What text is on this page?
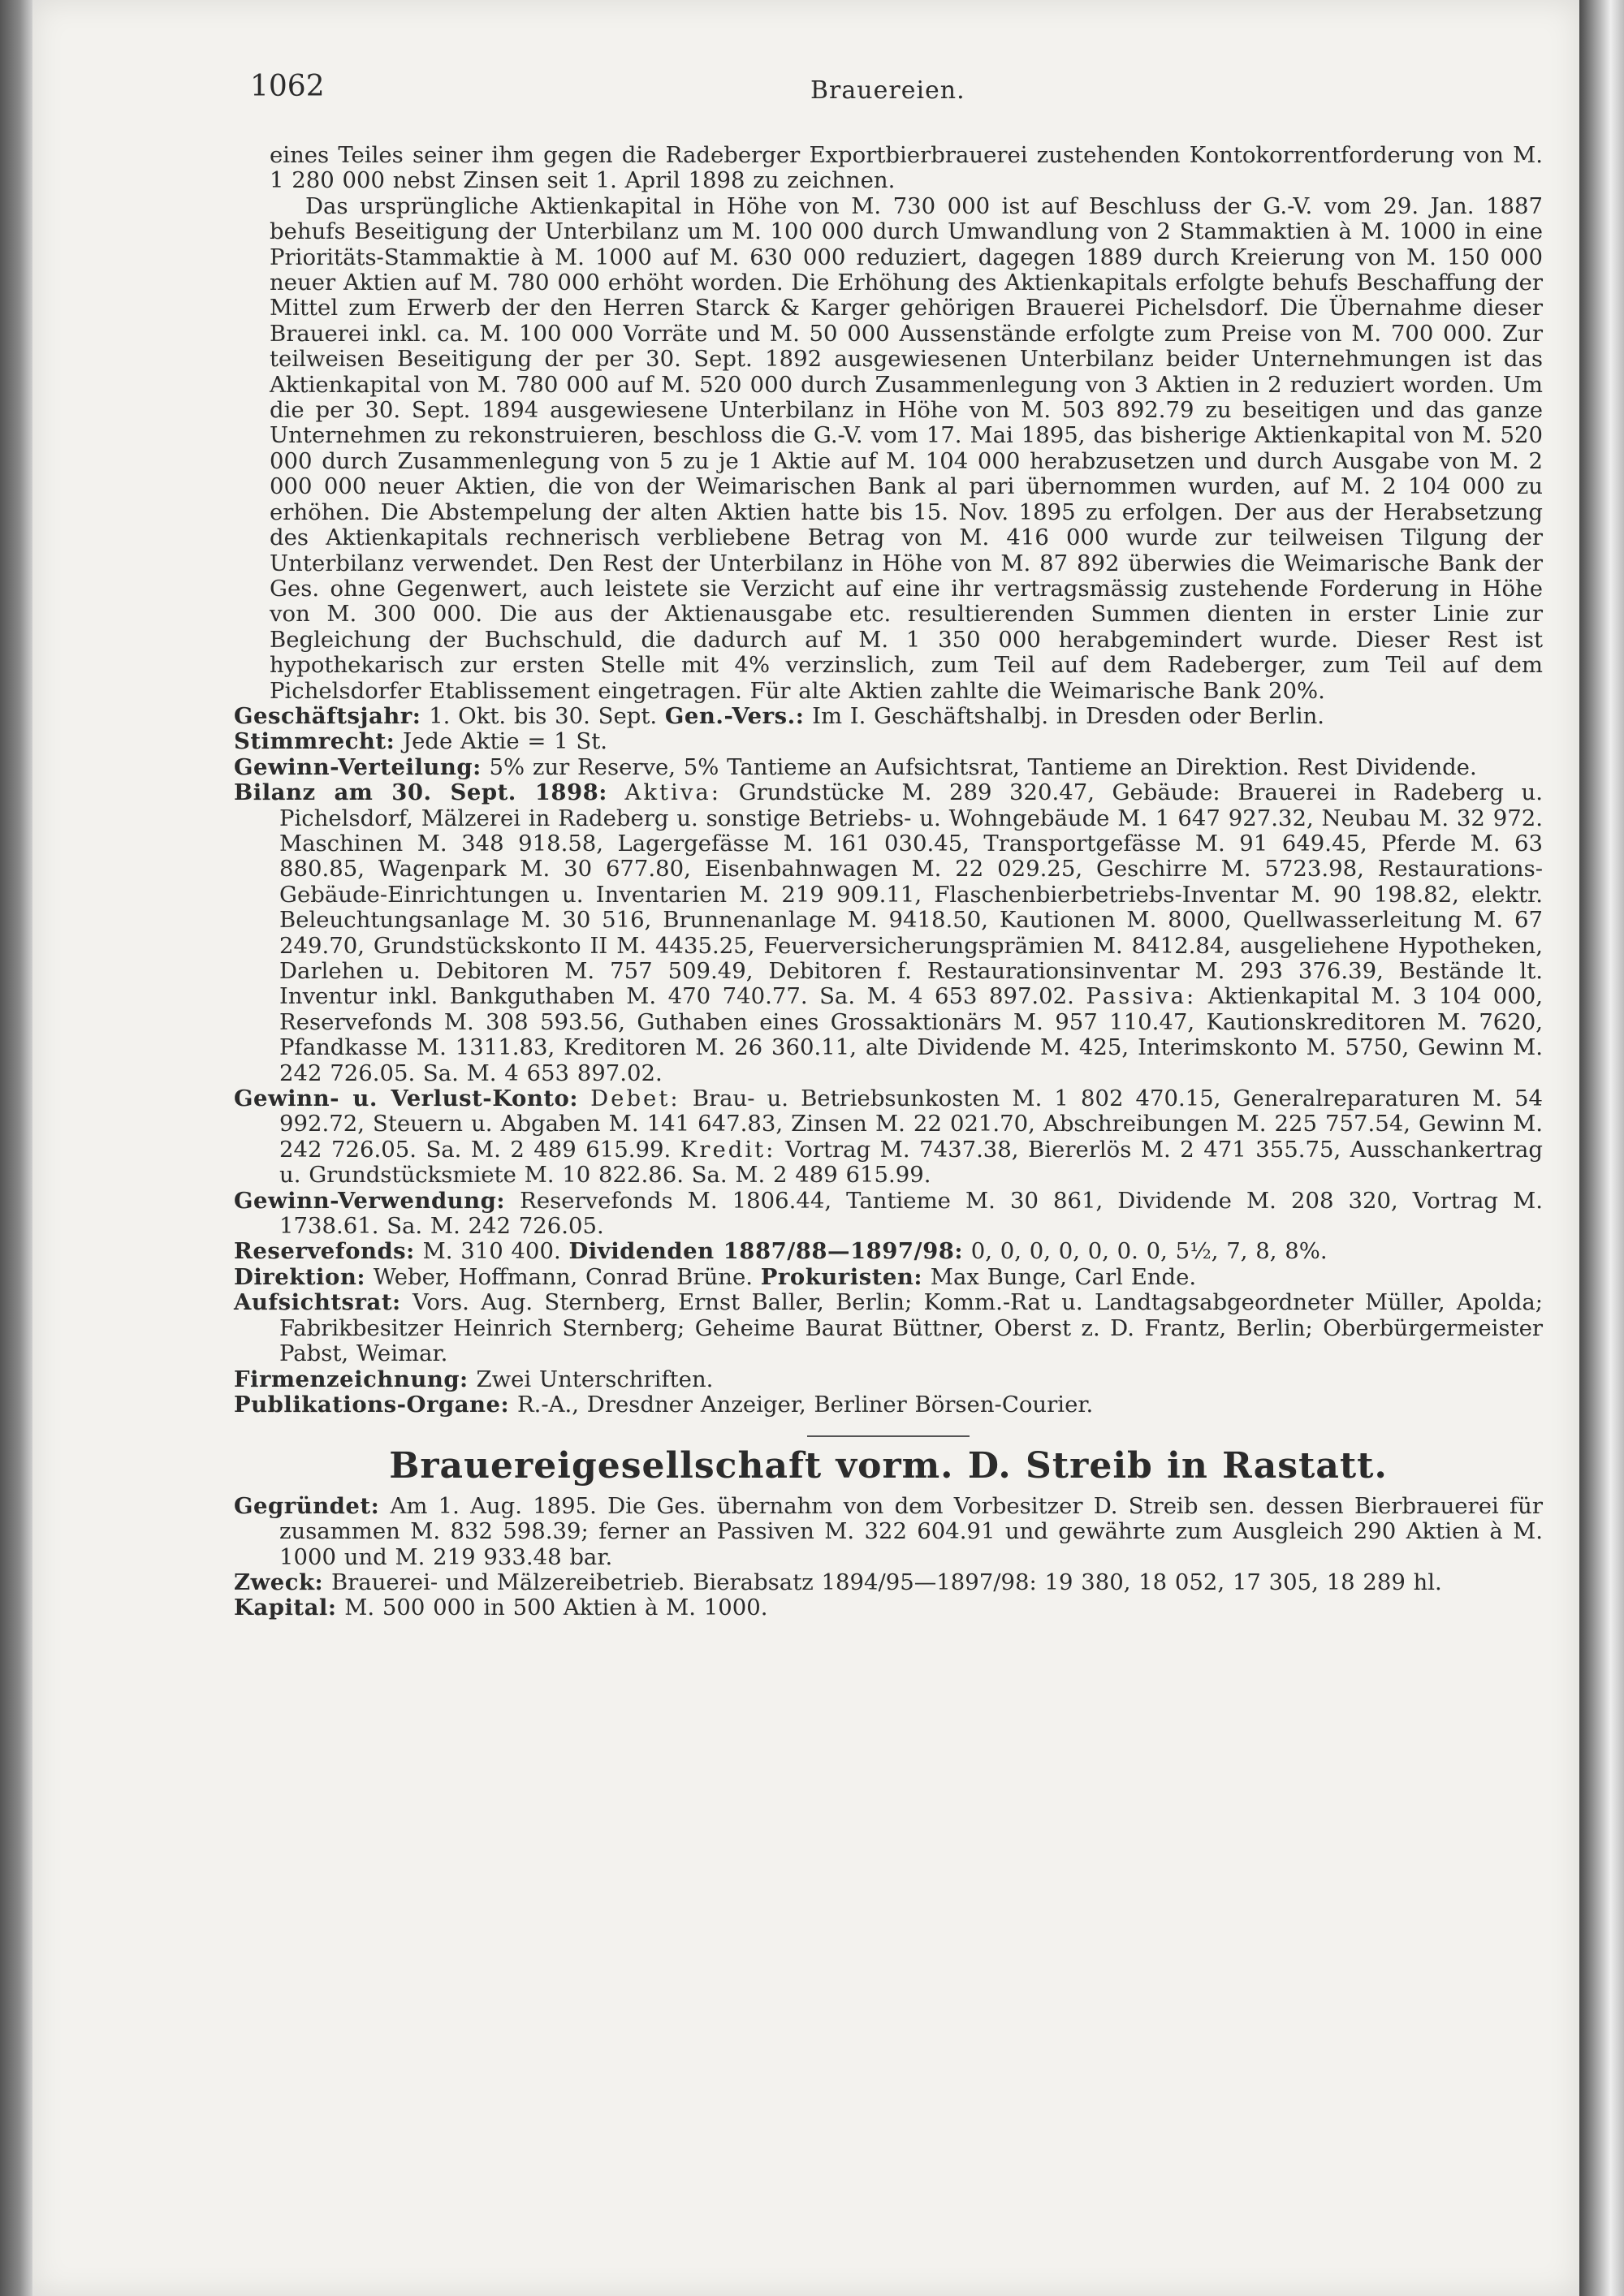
1062	Brauereien.

eines Teiles seiner ihm gegen die Radeberger Exportbierbrauerei zustehenden Kontokorrentforderung von M. 1 280 000 nebst Zinsen seit 1. April 1898 zu zeichnen.

Das ursprüngliche Aktienkapital in Höhe von M. 730 000 ist auf Beschluss der G.-V. vom 29. Jan. 1887 behufs Beseitigung der Unterbilanz um M. 100 000 durch Umwandlung von 2 Stammaktien à M. 1000 in eine Prioritäts-Stammaktie à M. 1000 auf M. 630 000 reduziert, dagegen 1889 durch Kreierung von M. 150 000 neuer Aktien auf M. 780 000 erhöht worden. Die Erhöhung des Aktienkapitals erfolgte behufs Beschaffung der Mittel zum Erwerb der den Herren Starck & Karger gehörigen Brauerei Pichelsdorf. Die Übernahme dieser Brauerei inkl. ca. M. 100 000 Vorräte und M. 50 000 Aussenstände erfolgte zum Preise von M. 700 000. Zur teilweisen Beseitigung der per 30. Sept. 1892 ausgewiesenen Unterbilanz beider Unternehmungen ist das Aktienkapital von M. 780 000 auf M. 520 000 durch Zusammenlegung von 3 Aktien in 2 reduziert worden. Um die per 30. Sept. 1894 ausgewiesene Unterbilanz in Höhe von M. 503 892.79 zu beseitigen und das ganze Unternehmen zu rekonstruieren, beschloss die G.-V. vom 17. Mai 1895, das bisherige Aktienkapital von M. 520 000 durch Zusammenlegung von 5 zu je 1 Aktie auf M. 104 000 herabzusetzen und durch Ausgabe von M. 2 000 000 neuer Aktien, die von der Weimarischen Bank al pari übernommen wurden, auf M. 2 104 000 zu erhöhen. Die Abstempelung der alten Aktien hatte bis 15. Nov. 1895 zu erfolgen. Der aus der Herabsetzung des Aktienkapitals rechnerisch verbliebene Betrag von M. 416 000 wurde zur teilweisen Tilgung der Unterbilanz verwendet. Den Rest der Unterbilanz in Höhe von M. 87 892 überwies die Weimarische Bank der Ges. ohne Gegenwert, auch leistete sie Verzicht auf eine ihr vertragsmässig zustehende Forderung in Höhe von M. 300 000. Die aus der Aktienausgabe etc. resultierenden Summen dienten in erster Linie zur Begleichung der Buchschuld, die dadurch auf M. 1 350 000 herabgemindert wurde. Dieser Rest ist hypothekarisch zur ersten Stelle mit 4% verzinslich, zum Teil auf dem Radeberger, zum Teil auf dem Pichelsdorfer Etablissement eingetragen. Für alte Aktien zahlte die Weimarische Bank 20%.

Geschäftsjahr: 1. Okt. bis 30. Sept. Gen.-Vers.: Im I. Geschäftshalbj. in Dresden oder Berlin.

Stimmrecht: Jede Aktie = 1 St.

Gewinn-Verteilung: 5% zur Reserve, 5% Tantieme an Aufsichtsrat, Tantieme an Direktion. Rest Dividende.

Bilanz am 30. Sept. 1898: Aktiva: Grundstücke M. 289 320.47, Gebäude: Brauerei in Radeberg u. Pichelsdorf, Mälzerei in Radeberg u. sonstige Betriebs- u. Wohngebäude M. 1 647 927.32, Neubau M. 32 972. Maschinen M. 348 918.58, Lagergefässe M. 161 030.45, Transportgefässe M. 91 649.45, Pferde M. 63 880.85, Wagenpark M. 30 677.80, Eisenbahnwagen M. 22 029.25, Geschirre M. 5723.98, Restaurations-Gebäude-Einrichtungen u. Inventarien M. 219 909.11, Flaschenbierbetriebs-Inventar M. 90 198.82, elektr. Beleuchtungsanlage M. 30 516, Brunnenanlage M. 9418.50, Kautionen M. 8000, Quellwasserleitung M. 67 249.70, Grundstückskonto II M. 4435.25, Feuerversicherungsprämien M. 8412.84, ausgeliehene Hypotheken, Darlehen u. Debitoren M. 757 509.49, Debitoren f. Restaurationsinventar M. 293 376.39, Bestände lt. Inventur inkl. Bankguthaben M. 470 740.77. Sa. M. 4 653 897.02. Passiva: Aktienkapital M. 3 104 000, Reservefonds M. 308 593.56, Guthaben eines Grossaktionärs M. 957 110.47, Kautionskreditoren M. 7620, Pfandkasse M. 1311.83, Kreditoren M. 26 360.11, alte Dividende M. 425, Interimskonto M. 5750, Gewinn M. 242 726.05. Sa. M. 4 653 897.02.

Gewinn- u. Verlust-Konto: Debet: Brau- u. Betriebsunkosten M. 1 802 470.15, Generalreparaturen M. 54 992.72, Steuern u. Abgaben M. 141 647.83, Zinsen M. 22 021.70, Abschreibungen M. 225 757.54, Gewinn M. 242 726.05. Sa. M. 2 489 615.99. Kredit: Vortrag M. 7437.38, Biererlös M. 2 471 355.75, Ausschankertrag u. Grundstücksmiete M. 10 822.86. Sa. M. 2 489 615.99.

Gewinn-Verwendung: Reservefonds M. 1806.44, Tantieme M. 30 861, Dividende M. 208 320, Vortrag M. 1738.61. Sa. M. 242 726.05.

Reservefonds: M. 310 400. Dividenden 1887/88—1897/98: 0, 0, 0, 0, 0, 0. 0, 5½, 7, 8, 8%.

Direktion: Weber, Hoffmann, Conrad Brüne. Prokuristen: Max Bunge, Carl Ende.

Aufsichtsrat: Vors. Aug. Sternberg, Ernst Baller, Berlin; Komm.-Rat u. Landtagsabgeordneter Müller, Apolda; Fabrikbesitzer Heinrich Sternberg; Geheime Baurat Büttner, Oberst z. D. Frantz, Berlin; Oberbürgermeister Pabst, Weimar.

Firmenzeichnung: Zwei Unterschriften.

Publikations-Organe: R.-A., Dresdner Anzeiger, Berliner Börsen-Courier.

Brauereigesellschaft vorm. D. Streib in Rastatt.

Gegründet: Am 1. Aug. 1895. Die Ges. übernahm von dem Vorbesitzer D. Streib sen. dessen Bierbrauerei für zusammen M. 832 598.39; ferner an Passiven M. 322 604.91 und gewährte zum Ausgleich 290 Aktien à M. 1000 und M. 219 933.48 bar.

Zweck: Brauerei- und Mälzereibetrieb. Bierabsatz 1894/95—1897/98: 19 380, 18 052, 17 305, 18 289 hl.

Kapital: M. 500 000 in 500 Aktien à M. 1000.
